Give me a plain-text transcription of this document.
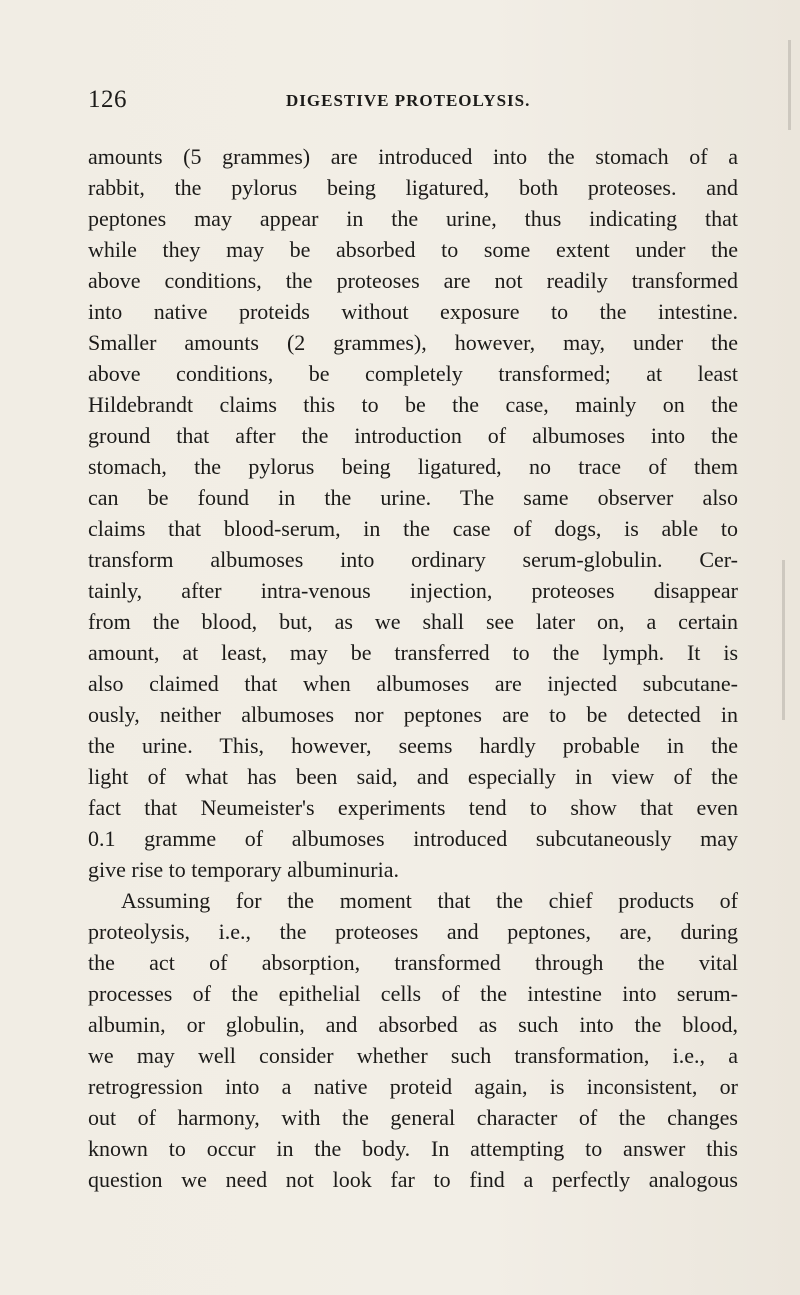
126	DIGESTIVE PROTEOLYSIS.
amounts (5 grammes) are introduced into the stomach of a
rabbit, the pylorus being ligatured, both proteoses. and
peptones may appear in the urine, thus indicating that
while they may be absorbed to some extent under the
above conditions, the proteoses are not readily transformed
into native proteids without exposure to the intestine.
Smaller amounts (2 grammes), however, may, under the
above conditions, be completely transformed; at least
Hildebrandt claims this to be the case, mainly on the
ground that after the introduction of albumoses into the
stomach, the pylorus being ligatured, no trace of them
can be found in the urine. The same observer also
claims that blood-serum, in the case of dogs, is able to
transform albumoses into ordinary serum-globulin. Cer-
tainly, after intra-venous injection, proteoses disappear
from the blood, but, as we shall see later on, a certain
amount, at least, may be transferred to the lymph. It is
also claimed that when albumoses are injected subcutane-
ously, neither albumoses nor peptones are to be detected in
the urine. This, however, seems hardly probable in the
light of what has been said, and especially in view of the
fact that Neumeister's experiments tend to show that even
0.1 gramme of albumoses introduced subcutaneously may
give rise to temporary albuminuria.
Assuming for the moment that the chief products of
proteolysis, i.e., the proteoses and peptones, are, during
the act of absorption, transformed through the vital
processes of the epithelial cells of the intestine into serum-
albumin, or globulin, and absorbed as such into the blood,
we may well consider whether such transformation, i.e., a
retrogression into a native proteid again, is inconsistent, or
out of harmony, with the general character of the changes
known to occur in the body. In attempting to answer this
question we need not look far to find a perfectly analogous
